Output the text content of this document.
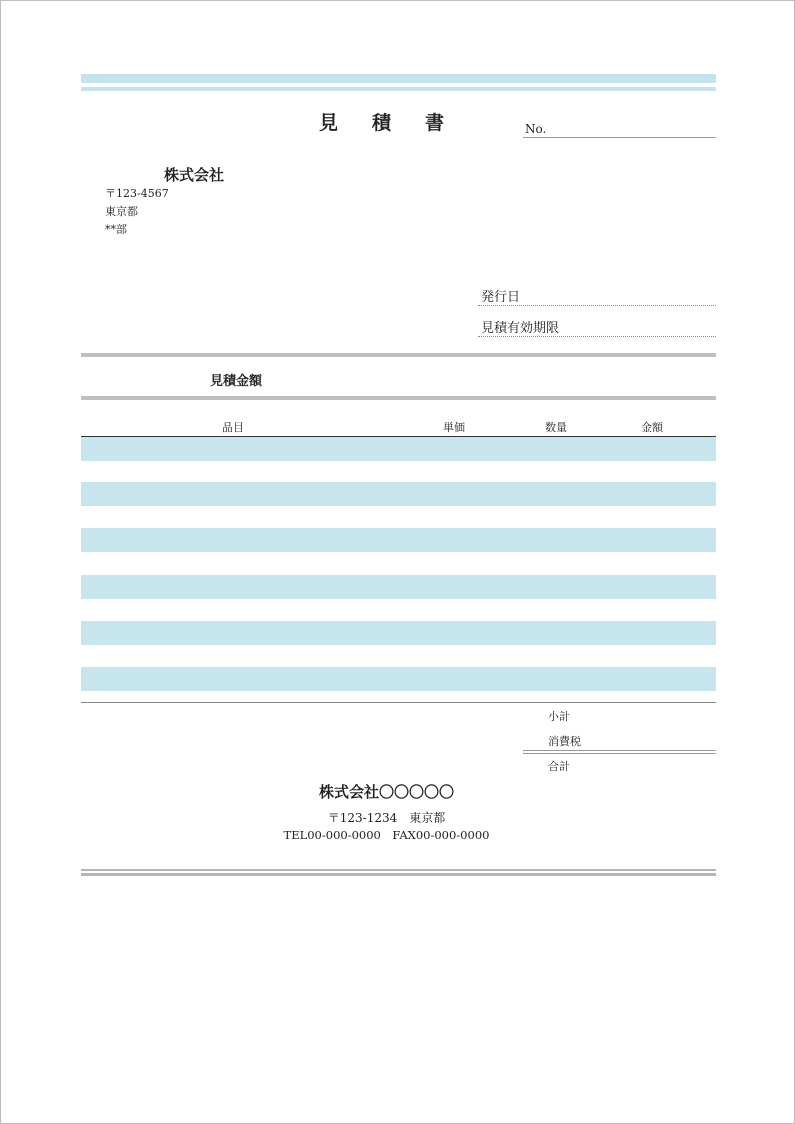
見積書	No.
株式会社
〒123-4567
東京都
**部
発行日
見積有効期限
見積金額
品目	単価	数量	金額
小計
消費税
合計
株式会社〇〇〇〇〇
〒123-1234　東京都
TEL00-000-0000　FAX00-000-0000
